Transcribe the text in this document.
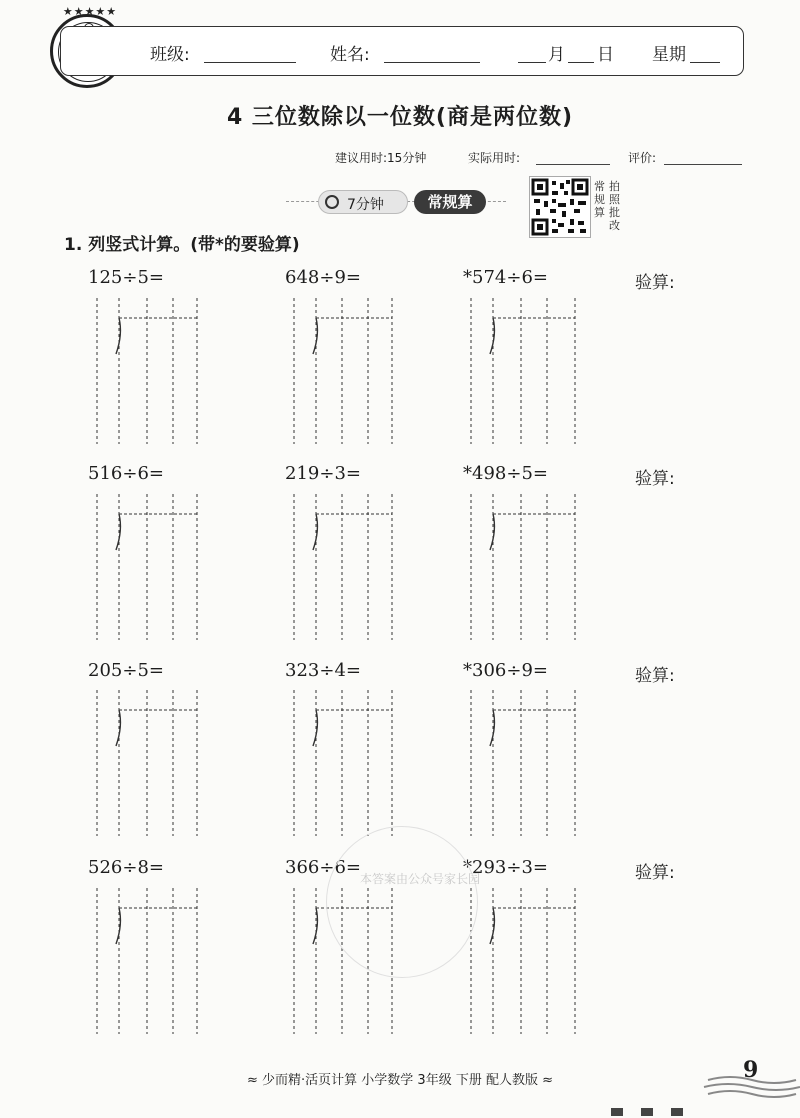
★★★★★
班级:	姓名:	月 日 星期
4 三位数除以一位数(商是两位数)
建议用时:15分钟	实际用时:	评价:
7分钟	常规算
常规算
拍照批改
1. 列竖式计算。(带*的要验算)
125÷5=	648÷9=	*574÷6=	验算:
516÷6=	219÷3=	*498÷5=	验算:
205÷5=	323÷4=	*306÷9=	验算:
526÷8=	366÷6=	*293÷3=	验算:
本答案由公众号家长园
≈ 少而精·活页计算 小学数学 3年级 下册 配人教版 ≈	9
